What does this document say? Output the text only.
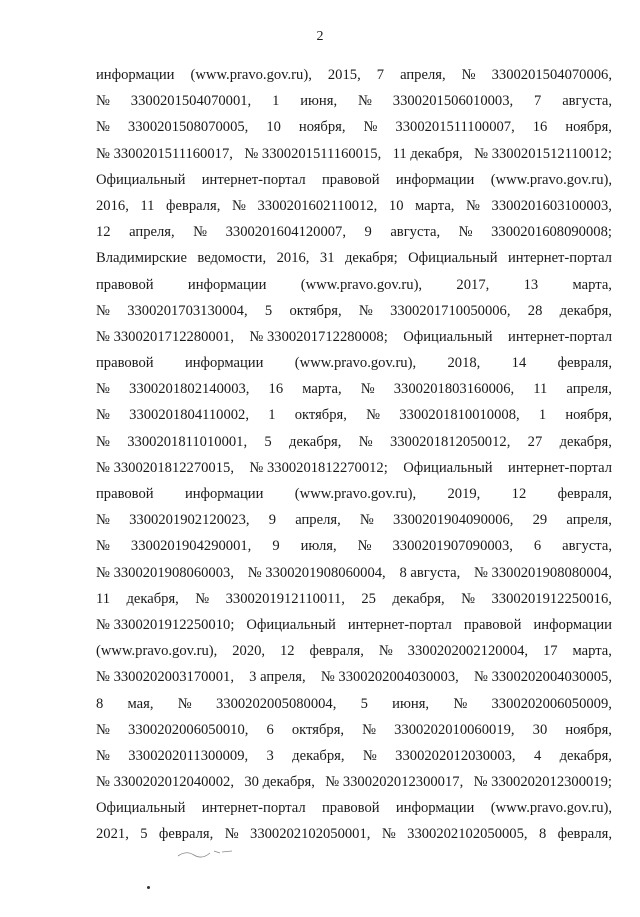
2
информации (www.pravo.gov.ru), 2015, 7 апреля, № 3300201504070006,
№ 3300201504070001, 1 июня, № 3300201506010003, 7 августа,
№ 3300201508070005, 10 ноября, № 3300201511100007, 16 ноября,
№ 3300201511160017, № 3300201511160015, 11 декабря, № 3300201512110012;
Официальный интернет-портал правовой информации (www.pravo.gov.ru),
2016, 11 февраля, № 3300201602110012, 10 марта, № 3300201603100003,
12 апреля, № 3300201604120007, 9 августа, № 3300201608090008;
Владимирские ведомости, 2016, 31 декабря; Официальный интернет-портал
правовой информации (www.pravo.gov.ru), 2017, 13 марта,
№ 3300201703130004, 5 октября, № 3300201710050006, 28 декабря,
№ 3300201712280001, № 3300201712280008; Официальный интернет-портал
правовой информации (www.pravo.gov.ru), 2018, 14 февраля,
№ 3300201802140003, 16 марта, № 3300201803160006, 11 апреля,
№ 3300201804110002, 1 октября, № 3300201810010008, 1 ноября,
№ 3300201811010001, 5 декабря, № 3300201812050012, 27 декабря,
№ 3300201812270015, № 3300201812270012; Официальный интернет-портал
правовой информации (www.pravo.gov.ru), 2019, 12 февраля,
№ 3300201902120023, 9 апреля, № 3300201904090006, 29 апреля,
№ 3300201904290001, 9 июля, № 3300201907090003, 6 августа,
№ 3300201908060003, № 3300201908060004, 8 августа, № 3300201908080004,
11 декабря, № 3300201912110011, 25 декабря, № 3300201912250016,
№ 3300201912250010; Официальный интернет-портал правовой информации
(www.pravo.gov.ru), 2020, 12 февраля, № 3300202002120004, 17 марта,
№ 3300202003170001, 3 апреля, № 3300202004030003, № 3300202004030005,
8 мая, № 3300202005080004, 5 июня, № 3300202006050009,
№ 3300202006050010, 6 октября, № 3300202010060019, 30 ноября,
№ 3300202011300009, 3 декабря, № 3300202012030003, 4 декабря,
№ 3300202012040002, 30 декабря, № 3300202012300017, № 3300202012300019;
Официальный интернет-портал правовой информации (www.pravo.gov.ru),
2021, 5 февраля, № 3300202102050001, № 3300202102050005, 8 февраля,
